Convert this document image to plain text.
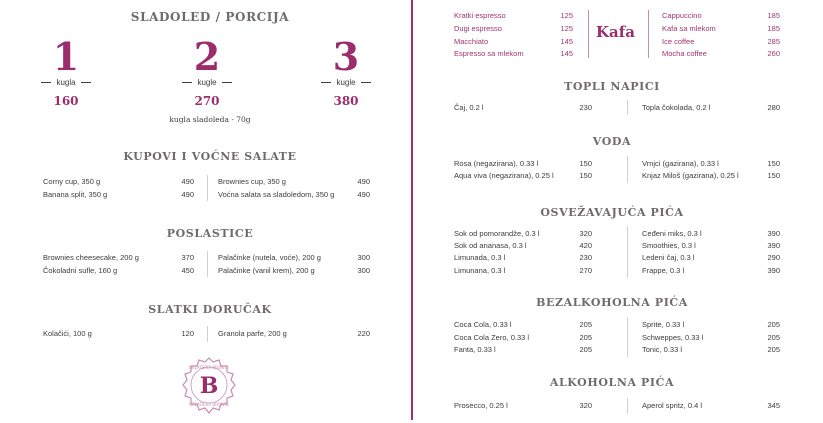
SLADOLED / PORCIJA
1
kugla
160
2
kugle
270
3
kugle
380
kugla sladoleda - 70g
KUPOVI I VOĆNE SALATE
Corny cup, 350 g	490
Banana split, 350 g	490
Brownies cup, 350 g	490
Voćna salata sa sladoledom, 350 g	490
POSLASTICE
Brownies cheesecake, 200 g	370
Čokoladni sufle, 160 g	450
Palačinke (nutela, voće), 200 g	300
Palačinke (vanil krem), 200 g	300
SLATKI DORUČAK
Kolačići, 100 g	120	Granola parfe, 200 g	220
B
GELATERIA BRONTE
GELATERIA BRONTE
Kratki espresso	125
Dugi espresso	125
Macchiato	145
Espresso sa mlekom	145
Kafa
Cappuccino	185
Kafa sa mlekom	185
Ice coffee	285
Mocha coffee	260
TOPLI NAPICI
Čaj, 0.2 l	230	Topla čokolada, 0.2 l	280
VODA
Rosa (negazirana), 0.33 l	150
Aqua viva (negazirana), 0.25 l	150
Vrnjci (gazirana), 0.33 l	150
Knjaz Miloš (gazirana), 0.25 l	150
OSVEŽAVAJUĆA PIĆA
Sok od pomorandže, 0.3 l	320
Sok od ananasa, 0.3 l	420
Limunada, 0.3 l	230
Limunana, 0.3 l	270
Ceđeni miks, 0.3 l	390
Smoothies, 0.3 l	390
Ledeni čaj, 0.3 l	290
Frappe, 0.3 l	390
BEZALKOHOLNA PIĆA
Coca Cola, 0.33 l	205
Coca Cola Zero, 0.33 l	205
Fanta, 0.33 l	205
Sprite, 0.33 l	205
Schweppes, 0.33 l	205
Tonic, 0.33 l	205
ALKOHOLNA PIĆA
Prosecco, 0.25 l	320	Aperol spritz, 0.4 l	345
